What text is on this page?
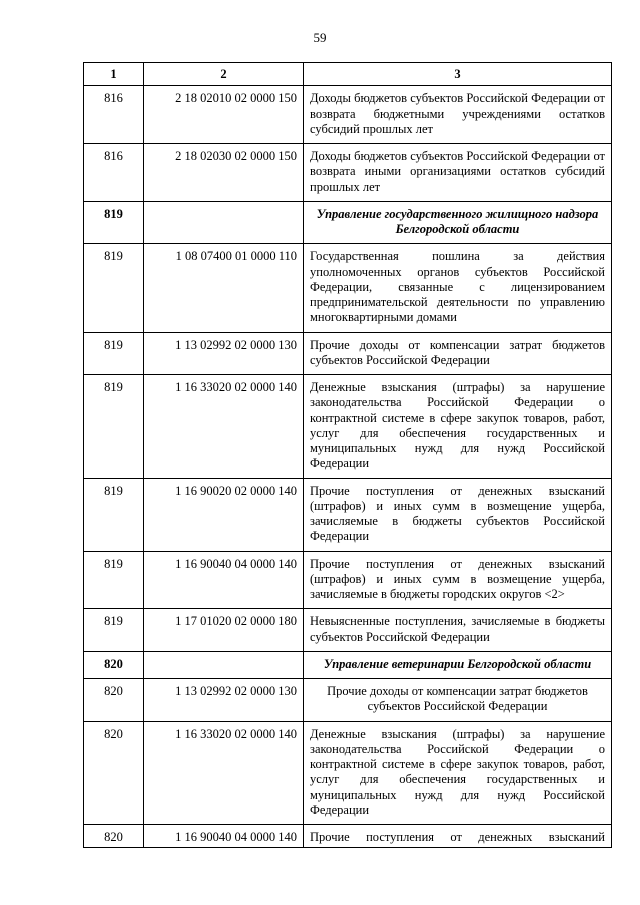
59
1	2	3
816	2 18 02010 02 0000 150	Доходы бюджетов субъектов Российской Федерации от возврата бюджетными учреждениями остатков субсидий прошлых лет
816	2 18 02030 02 0000 150	Доходы бюджетов субъектов Российской Федерации от возврата иными организациями остатков субсидий прошлых лет
819		Управление государственного жилищного надзора Белгородской области
819	1 08 07400 01 0000 110	Государственная пошлина за действия уполномоченных органов субъектов Российской Федерации, связанные с лицензированием предпринимательской деятельности по управлению многоквартирными домами
819	1 13 02992 02 0000 130	Прочие доходы от компенсации затрат бюджетов субъектов Российской Федерации
819	1 16 33020 02 0000 140	Денежные взыскания (штрафы) за нарушение законодательства Российской Федерации о контрактной системе в сфере закупок товаров, работ, услуг для обеспечения государственных и муниципальных нужд для нужд Российской Федерации
819	1 16 90020 02 0000 140	Прочие поступления от денежных взысканий (штрафов) и иных сумм в возмещение ущерба, зачисляемые в бюджеты субъектов Российской Федерации
819	1 16 90040 04 0000 140	Прочие поступления от денежных взысканий (штрафов) и иных сумм в возмещение ущерба, зачисляемые в бюджеты городских округов <2>
819	1 17 01020 02 0000 180	Невыясненные поступления, зачисляемые в бюджеты субъектов Российской Федерации
820		Управление ветеринарии Белгородской области
820	1 13 02992 02 0000 130	Прочие доходы от компенсации затрат бюджетов субъектов Российской Федерации
820	1 16 33020 02 0000 140	Денежные взыскания (штрафы) за нарушение законодательства Российской Федерации о контрактной системе в сфере закупок товаров, работ, услуг для обеспечения государственных и муниципальных нужд для нужд Российской Федерации
820	1 16 90040 04 0000 140	Прочие поступления от денежных взысканий
